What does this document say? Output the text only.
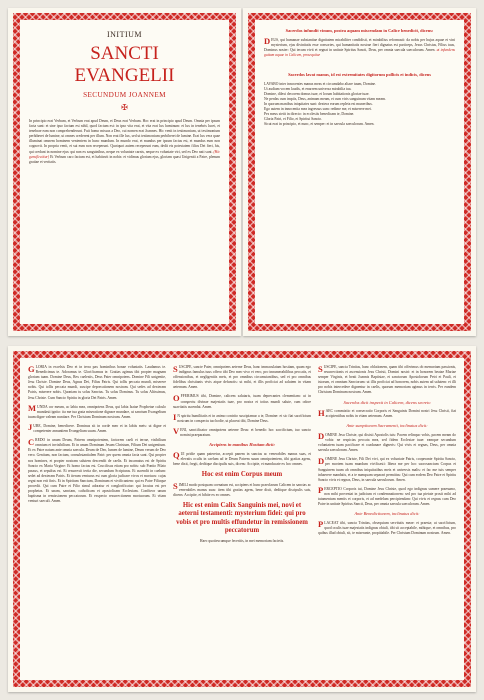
INITIUM
SANCTI
EVANGELII
SECUNDUM JOANNEM
✠

In principio erat Verbum, et Verbum erat apud Deum, et Deus erat Verbum. Hoc erat in principio apud Deum. Omnia per ipsum facta sunt: et sine ipso factum est nihil, quod factum est: in ipso vita erat, et vita erat lux hominum: et lux in tenebris lucet, et tenebrae eam non comprehenderunt. Fuit homo missus a Deo, cui nomen erat Joannes. Hic venit in testimonium, ut testimonium perhiberet de lumine, ut omnes crederent per illum. Non erat ille lux, sed ut testimonium perhiberet de lumine. Erat lux vera quae illuminat omnem hominem venientem in hunc mundum. In mundo erat, et mundus per ipsum factus est, et mundus eum non cognovit. In propria venit, et sui eum non receperunt. Quotquot autem receperunt eum, dedit eis potestatem filios Dei fieri, his, qui credunt in nomine ejus: qui non ex sanguinibus, neque ex voluntate carnis, neque ex voluntate viri, sed ex Deo nati sunt. (Hic genuflectitur) Et Verbum caro factum est, et habitavit in nobis: et vidimus gloriam ejus, gloriam quasi Unigeniti a Patre, plenum gratiae et veritatis.

Sacerdos infundit vinum, postea aquam miscendam in Calice benedicit, dicens:

DEUS, qui humanae substantiae dignitatem mirabiliter condidisti, et mirabilius reformasti: da nobis per hujus aquae et vini mysterium, ejus divinitatis esse consortes, qui humanitatis nostrae fieri dignatus est particeps, Jesus Christus, Filius tuus, Dominus noster: Qui tecum vivit et regnat in unitate Spiritus Sancti, Deus, per omnia saecula saeculorum. Amen. ut infundens guttam aquae in Calicem, prosequitur

Sacerdos lavat manus, id est extremitates digitorum pollicis et indicis, dicens

LAVABO inter innocentes manus meas et circumdabo altare tuum, Domine.

Ut audiam vocem laudis, et enarrem universa mirabilia tua.

Domine, dilexi decorem domus tuae, et locum habitationis gloriae tuae.

Ne perdas cum impiis, Deus, animam meam, et cum viris sanguinum vitam meam.

In quorum manibus iniquitates sunt: dextera eorum repleta est muneribus.

Ego autem in innocentia mea ingressus sum: redime me, et miserere mei.

Pes meus stetit in directo: in ecclesiis benedicam te, Domine.

Gloria Patri, et Filio, et Spiritui Sancto.

Sicut erat in principio, et nunc, et semper: et in saecula saeculorum. Amen.

GLORIA in excelsis Deo et in terra pax hominibus bonae voluntatis. Laudamus te. Benedicimus te. Adoramus te. Glorificamus te. Gratias agimus tibi propter magnam gloriam tuam. Domine Deus, Rex caelestis, Deus Pater omnipotens. Domine Fili unigenite, Jesu Christe. Domine Deus, Agnus Dei, Filius Patris. Qui tollis peccata mundi, miserere nobis. Qui tollis peccata mundi, suscipe deprecationem nostram. Qui sedes ad dexteram Patris, miserere nobis. Quoniam tu solus Sanctus. Tu solus Dominus. Tu solus Altissimus, Jesu Christe. Cum Sancto Spiritu in gloria Dei Patris. Amen.

MUNDA cor meum, ac labia mea, omnipotens Deus, qui labia Isaiae Prophetae calculo mundasti ignito: ita me tua grata miseratione dignare mundare, ut sanctum Evangelium tuum digne valeam nuntiare. Per Christum Dominum nostrum. Amen.

JUBE, Domine, benedicere. Dominus sit in corde meo et in labiis meis: ut digne et competenter annuntiem Evangelium suum. Amen.

CREDO in unum Deum, Patrem omnipotentem, factorem caeli et terrae, visibilium omnium et invisibilium. Et in unum Dominum Jesum Christum, Filium Dei unigenitum. Et ex Patre natum ante omnia saecula. Deum de Deo, lumen de lumine, Deum verum de Deo vero. Genitum, non factum, consubstantialem Patri: per quem omnia facta sunt. Qui propter nos homines, et propter nostram salutem descendit de caelis. Et incarnatus est de Spiritu Sancto ex Maria Virgine: Et homo factus est. Crucifixus etiam pro nobis: sub Pontio Pilato passus, et sepultus est. Et resurrexit tertia die, secundum Scripturas. Et ascendit in caelum: sedet ad dexteram Patris. Et iterum venturus est cum gloria judicare vivos et mortuos: cujus regni non erit finis. Et in Spiritum Sanctum, Dominum et vivificantem: qui ex Patre Filioque procedit. Qui cum Patre et Filio simul adoratur et conglorificatur: qui locutus est per prophetas. Et unam, sanctam, catholicam et apostolicam Ecclesiam. Confiteor unum baptisma in remissionem peccatorum. Et exspecto resurrectionem mortuorum. Et vitam venturi saeculi. Amen.

SUSCIPE, sancte Pater, omnipotens aeterne Deus, hanc immaculatam hostiam, quam ego indignus famulus tuus offero tibi Deo meo vivo et vero, pro innumerabilibus peccatis, et offensionibus, et negligentiis meis, et pro omnibus circumstantibus, sed et pro omnibus fidelibus christianis vivis atque defunctis: ut mihi, et illis proficiat ad salutem in vitam aeternam. Amen.

OFFERIMUS tibi, Domine, calicem salutaris, tuam deprecantes clementiam: ut in conspectu divinae majestatis tuae, pro nostra et totius mundi salute, cum odore suavitatis ascendat. Amen.

I N spiritu humilitatis et in animo contrito suscipiamur a te, Domine: et sic fiat sacrificium nostrum in conspectu tuo hodie, ut placeat tibi, Domine Deus.

VENI, sanctificator omnipotens aeterne Deus: et benedic hoc sacrificium, tuo sancto nomini praeparatum.

Accipiens in manibus Hostiam dicit:

QUI pridie quam pateretur, accepit panem in sanctas ac venerabiles manus suas, et elevatis oculis in caelum ad te Deum Patrem suum omnipotentem, tibi gratias agens, bene dixit, fregit, deditque discipulis suis, dicens: Accipite, et manducate ex hoc omnes.

Hoc est enim Corpus meum

SIMILI modo postquam coenatum est, accipiens et hunc praeclarum Calicem in sanctas ac venerabiles manus suas: item tibi gratias agens, bene dixit, deditque discipulis suis, dicens: Accipite, et bibite ex eo omnes.

Hic est enim Calix Sanguinis mei, novi et aeterni testamenti: mysterium fidei: qui pro vobis et pro multis effundetur in remissionem peccatorum

Haec quotiescumque feceritis, in mei memoriam facietis.

SUSCIPE, sancta Trinitas, hanc oblationem, quam tibi offerimus ob memoriam passionis, resurrectionis et ascensionis Jesu Christi, Domini nostri: et in honorem beatae Mariae semper Virginis, et beati Joannis Baptistae, et sanctorum Apostolorum Petri et Pauli, et istorum, et omnium Sanctorum: ut illis proficiat ad honorem, nobis autem ad salutem: et illi pro nobis intercedere dignentur in caelis, quorum memoriam agimus in terris. Per eundem Christum Dominum nostrum. Amen.

Sacerdos dicit inspexit in Calicem, dicens secreto

HAEC commixtio et consecratio Corporis et Sanguinis Domini nostri Jesu Christi, fiat accipientibus nobis in vitam aeternam. Amen.

Ante sumptionem Sacramenti, inclinatus dicit:

DOMINE Jesu Christe, qui dixisti Apostolis tuis: Pacem relinquo vobis, pacem meam do vobis: ne respicias peccata mea, sed fidem Ecclesiae tuae: eamque secundum voluntatem tuam pacificare et coadunare digneris: Qui vivis et regnas, Deus, per omnia saecula saeculorum. Amen.

DOMINE Jesu Christe, Fili Dei vivi, qui ex voluntate Patris, cooperante Spiritu Sancto, per mortem tuam mundum vivificasti: libera me per hoc sacrosanctum Corpus et Sanguinem tuum ab omnibus iniquitatibus meis et universis malis: et fac me tuis semper inhaerere mandatis, et a te numquam separari permittas: Qui cum eodem Deo Patre et Spiritu Sancto vivis et regnas, Deus, in saecula saeculorum. Amen.

PERCEPTIO Corporis tui, Domine Jesu Christe, quod ego indignus sumere praesumo, non mihi proveniat in judicium et condemnationem: sed pro tua pietate prosit mihi ad tutamentum mentis et corporis, et ad medelam percipiendam: Qui vivis et regnas cum Deo Patre in unitate Spiritus Sancti, Deus, per omnia saecula saeculorum. Amen.

Ante Benedictionem, inclinatus dicit:

PLACEAT tibi, sancta Trinitas, obsequium servitutis meae: et praesta; ut sacrificium, quod oculis tuae majestatis indignus obtuli, tibi sit acceptabile, mihique, et omnibus, pro quibus illud obtuli, sit, te miserante, propitiabile. Per Christum Dominum nostrum. Amen.
